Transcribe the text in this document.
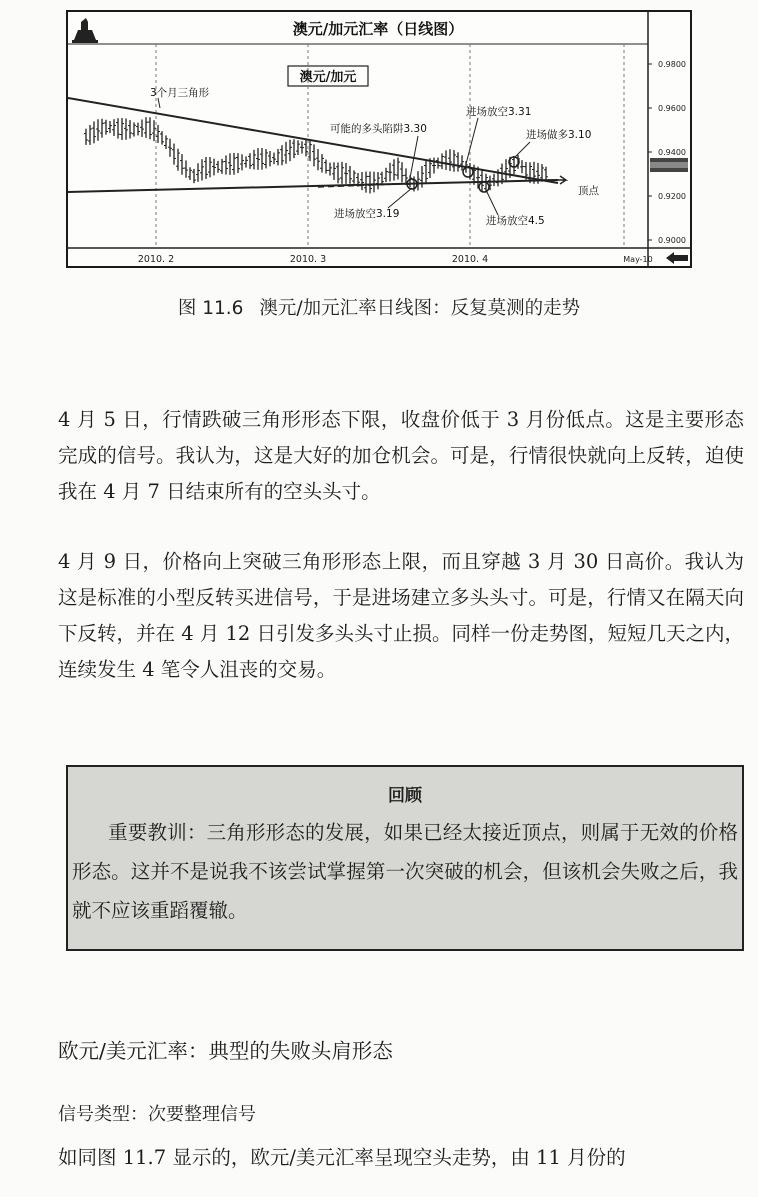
澳元/加元汇率（日线图）
澳元/加元
0.9800
0.9600
0.9400
0.9200
0.9000
2010. 2	2010. 3	2010. 4	May-10
3个月三角形
可能的多头陷阱3.30
进场放空3.31
进场做多3.10
进场放空3.19
进场放空4.5
顶点
图 11.6 澳元/加元汇率日线图：反复莫测的走势

4 月 5 日，行情跌破三角形形态下限，收盘价低于 3 月份低点。这是主要形态完成的信号。我认为，这是大好的加仓机会。可是，行情很快就向上反转，迫使我在 4 月 7 日结束所有的空头头寸。

4 月 9 日，价格向上突破三角形形态上限，而且穿越 3 月 30 日高价。我认为这是标准的小型反转买进信号，于是进场建立多头头寸。可是，行情又在隔天向下反转，并在 4 月 12 日引发多头头寸止损。同样一份走势图，短短几天之内，连续发生 4 笔令人沮丧的交易。

回顾

重要教训：三角形形态的发展，如果已经太接近顶点，则属于无效的价格形态。这并不是说我不该尝试掌握第一次突破的机会，但该机会失败之后，我就不应该重蹈覆辙。

欧元/美元汇率：典型的失败头肩形态
信号类型：次要整理信号
如同图 11.7 显示的，欧元/美元汇率呈现空头走势，由 11 月份的
